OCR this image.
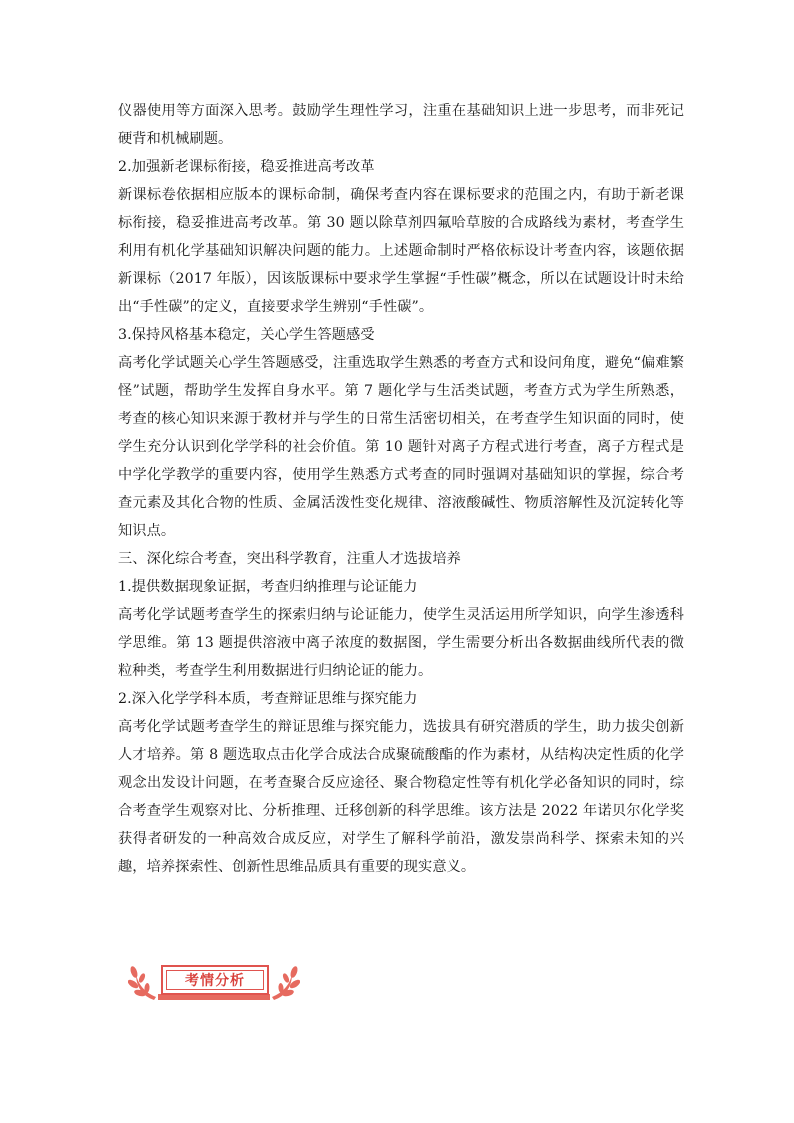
仪器使用等方面深入思考。鼓励学生理性学习，注重在基础知识上进一步思考，而非死记硬背和机械刷题。

2.加强新老课标衔接，稳妥推进高考改革

新课标卷依据相应版本的课标命制，确保考查内容在课标要求的范围之内，有助于新老课标衔接，稳妥推进高考改革。第 30 题以除草剂四氟哈草胺的合成路线为素材，考查学生利用有机化学基础知识解决问题的能力。上述题命制时严格依标设计考查内容，该题依据新课标（2017 年版），因该版课标中要求学生掌握“手性碳”概念，所以在试题设计时未给出“手性碳”的定义，直接要求学生辨别“手性碳”。

3.保持风格基本稳定，关心学生答题感受

高考化学试题关心学生答题感受，注重选取学生熟悉的考查方式和设问角度，避免“偏难繁怪”试题，帮助学生发挥自身水平。第 7 题化学与生活类试题，考查方式为学生所熟悉，考查的核心知识来源于教材并与学生的日常生活密切相关，在考查学生知识面的同时，使学生充分认识到化学学科的社会价值。第 10 题针对离子方程式进行考查，离子方程式是中学化学教学的重要内容，使用学生熟悉方式考查的同时强调对基础知识的掌握，综合考查元素及其化合物的性质、金属活泼性变化规律、溶液酸碱性、物质溶解性及沉淀转化等知识点。

三、深化综合考查，突出科学教育，注重人才选拔培养

1.提供数据现象证据，考查归纳推理与论证能力

高考化学试题考查学生的探索归纳与论证能力，使学生灵活运用所学知识，向学生渗透科学思维。第 13 题提供溶液中离子浓度的数据图，学生需要分析出各数据曲线所代表的微粒种类，考查学生利用数据进行归纳论证的能力。

2.深入化学学科本质，考查辩证思维与探究能力

高考化学试题考查学生的辩证思维与探究能力，选拔具有研究潜质的学生，助力拔尖创新人才培养。第 8 题选取点击化学合成法合成聚硫酸酯的作为素材，从结构决定性质的化学观念出发设计问题，在考查聚合反应途径、聚合物稳定性等有机化学必备知识的同时，综合考查学生观察对比、分析推理、迁移创新的科学思维。该方法是 2022 年诺贝尔化学奖获得者研发的一种高效合成反应，对学生了解科学前沿，激发崇尚科学、探索未知的兴趣，培养探索性、创新性思维品质具有重要的现实意义。

考情分析
